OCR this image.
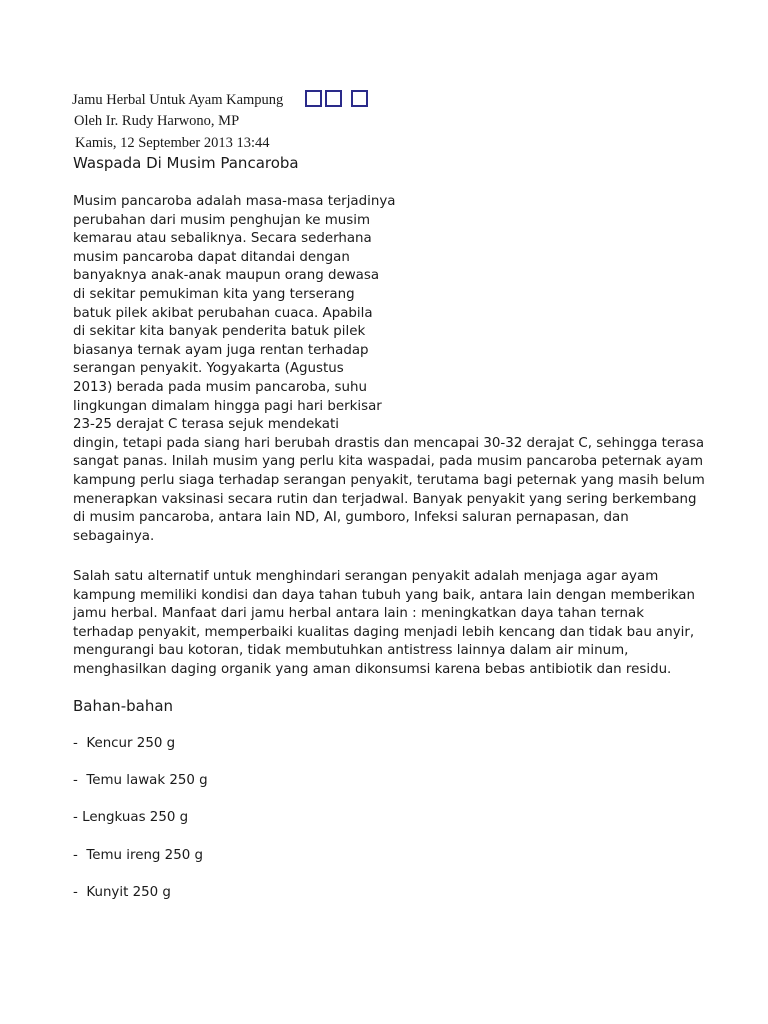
Jamu Herbal Untuk Ayam Kampung
Oleh Ir. Rudy Harwono, MP
Kamis, 12 September 2013 13:44
Waspada Di Musim Pancaroba
Musim pancaroba adalah masa-masa terjadinya
perubahan dari musim penghujan ke musim
kemarau atau sebaliknya. Secara sederhana
musim pancaroba dapat ditandai dengan
banyaknya anak-anak maupun orang dewasa
di sekitar pemukiman kita yang terserang
batuk pilek akibat perubahan cuaca. Apabila
di sekitar kita banyak penderita batuk pilek
biasanya ternak ayam juga rentan terhadap
serangan penyakit. Yogyakarta (Agustus
2013) berada pada musim pancaroba, suhu
lingkungan dimalam hingga pagi hari berkisar
23-25 derajat C terasa sejuk mendekati
dingin, tetapi pada siang hari berubah drastis dan mencapai 30-32 derajat C, sehingga terasa
sangat panas. Inilah musim yang perlu kita waspadai, pada musim pancaroba peternak ayam
kampung perlu siaga terhadap serangan penyakit, terutama bagi peternak yang masih belum
menerapkan vaksinasi secara rutin dan terjadwal. Banyak penyakit yang sering berkembang
di musim pancaroba, antara lain ND, AI, gumboro, Infeksi saluran pernapasan, dan
sebagainya.
Salah satu alternatif untuk menghindari serangan penyakit adalah menjaga agar ayam
kampung memiliki kondisi dan daya tahan tubuh yang baik, antara lain dengan memberikan
jamu herbal. Manfaat dari jamu herbal antara lain : meningkatkan daya tahan ternak
terhadap penyakit, memperbaiki kualitas daging menjadi lebih kencang dan tidak bau anyir,
mengurangi bau kotoran, tidak membutuhkan antistress lainnya dalam air minum,
menghasilkan daging organik yang aman dikonsumsi karena bebas antibiotik dan residu.
Bahan-bahan
-  Kencur 250 g
-  Temu lawak 250 g
- Lengkuas 250 g
-  Temu ireng 250 g
-  Kunyit 250 g
